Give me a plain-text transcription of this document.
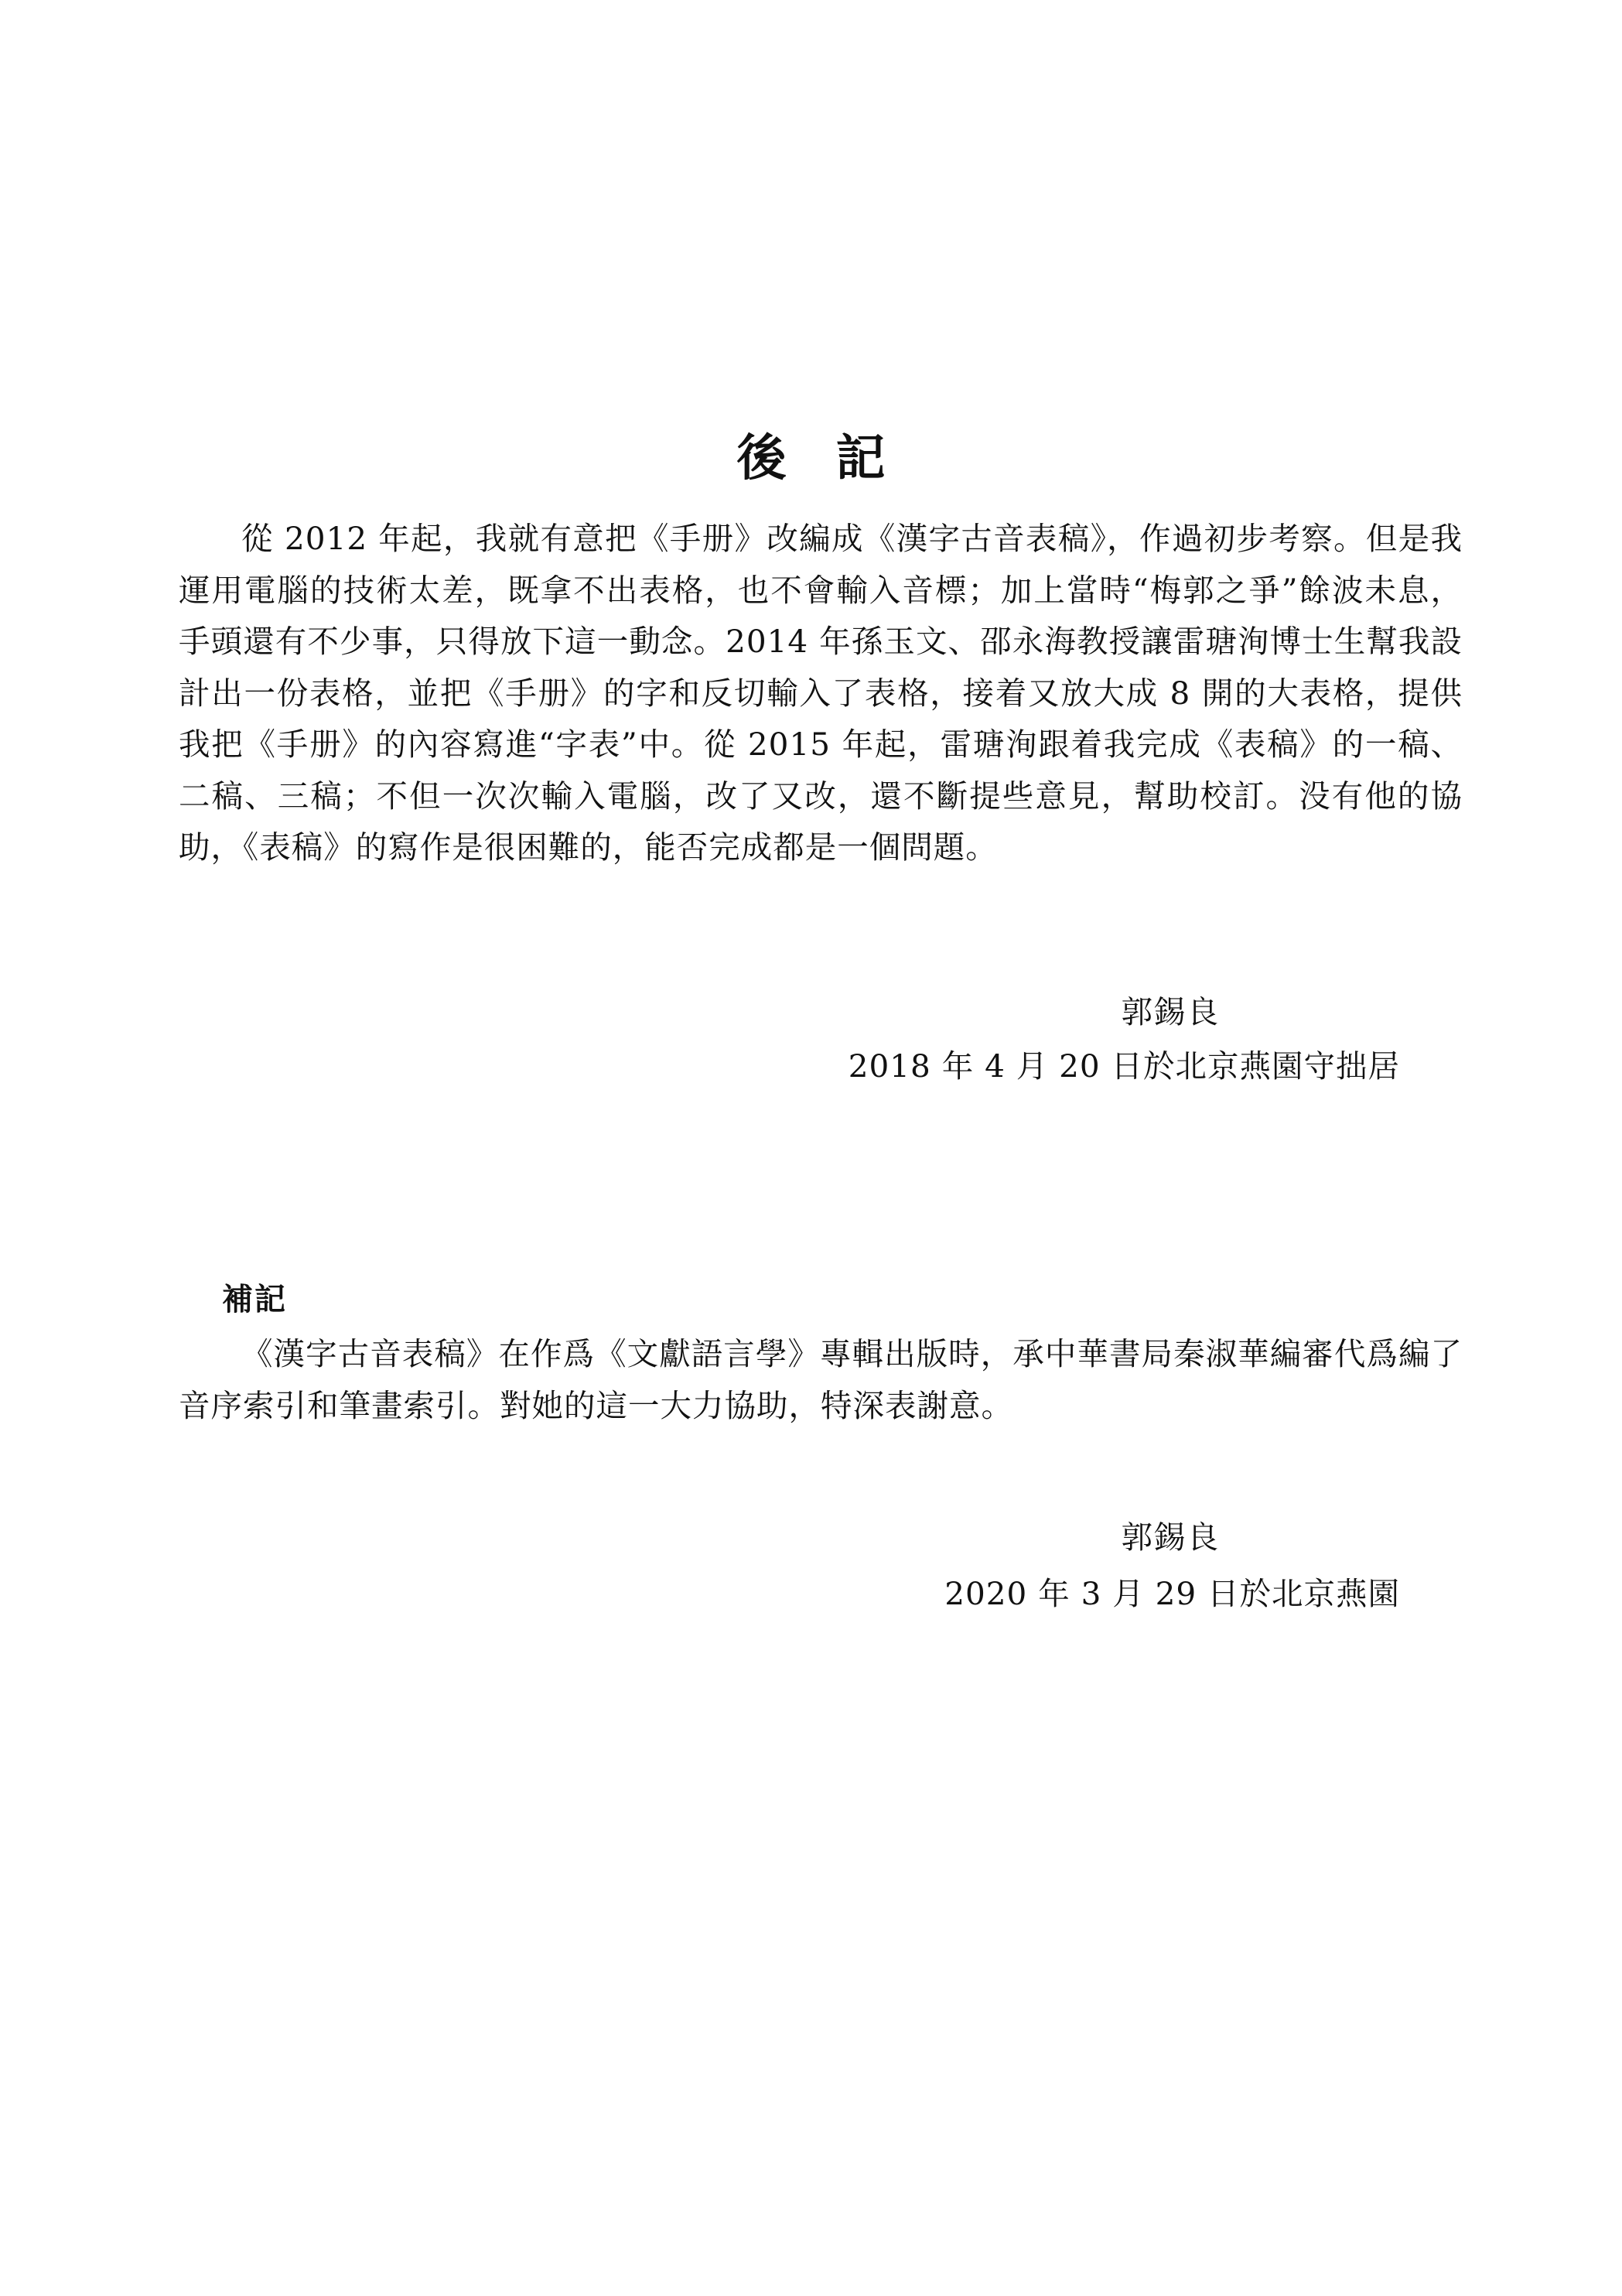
後記

從 2012 年起，我就有意把《手册》改編成《漢字古音表稿》，作過初步考察。但是我運用電腦的技術太差，既拿不出表格，也不會輸入音標；加上當時“梅郭之爭”餘波未息，手頭還有不少事，只得放下這一動念。2014 年孫玉文、邵永海教授讓雷瑭洵博士生幫我設計出一份表格，並把《手册》的字和反切輸入了表格，接着又放大成 8 開的大表格，提供我把《手册》的內容寫進“字表”中。從 2015 年起，雷瑭洵跟着我完成《表稿》的一稿、二稿、三稿；不但一次次輸入電腦，改了又改，還不斷提些意見，幫助校訂。没有他的協助，《表稿》的寫作是很困難的，能否完成都是一個問題。

郭錫良
2018 年 4 月 20 日於北京燕園守拙居
補記

《漢字古音表稿》在作爲《文獻語言學》專輯出版時，承中華書局秦淑華編審代爲編了音序索引和筆畫索引。對她的這一大力協助，特深表謝意。

郭錫良
2020 年 3 月 29 日於北京燕園
